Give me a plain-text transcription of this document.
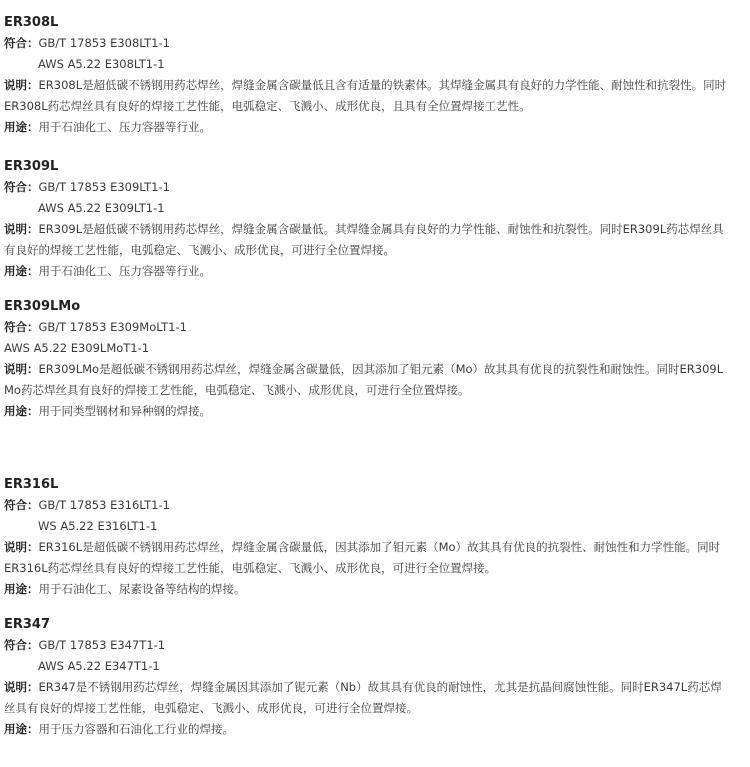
ER308L
符合：GB/T 17853 E308LT1-1
AWS A5.22 E308LT1-1
说明：ER308L是超低碳不锈钢用药芯焊丝，焊缝金属含碳量低且含有适量的铁素体。其焊缝金属具有良好的力学性能、耐蚀性和抗裂性。同时
ER308L药芯焊丝具有良好的焊接工艺性能，电弧稳定、飞溅小、成形优良，且具有全位置焊接工艺性。
用途：用于石油化工、压力容器等行业。
ER309L
符合：GB/T 17853 E309LT1-1
AWS A5.22 E309LT1-1
说明：ER309L是超低碳不锈钢用药芯焊丝，焊缝金属含碳量低。其焊缝金属具有良好的力学性能、耐蚀性和抗裂性。同时ER309L药芯焊丝具
有良好的焊接工艺性能，电弧稳定、飞溅小、成形优良，可进行全位置焊接。
用途：用于石油化工、压力容器等行业。
ER309LMo
符合：GB/T 17853 E309MoLT1-1
AWS A5.22 E309LMoT1-1
说明：ER309LMo是超低碳不锈钢用药芯焊丝，焊缝金属含碳量低，因其添加了钼元素（Mo）故其具有优良的抗裂性和耐蚀性。同时ER309L
Mo药芯焊丝具有良好的焊接工艺性能，电弧稳定、飞溅小、成形优良，可进行全位置焊接。
用途：用于同类型钢材和异种钢的焊接。
ER316L
符合：GB/T 17853 E316LT1-1
WS A5.22 E316LT1-1
说明：ER316L是超低碳不锈钢用药芯焊丝，焊缝金属含碳量低，因其添加了钼元素（Mo）故其具有优良的抗裂性、耐蚀性和力学性能。同时
ER316L药芯焊丝具有良好的焊接工艺性能，电弧稳定、飞溅小、成形优良，可进行全位置焊接。
用途：用于石油化工、尿素设备等结构的焊接。
ER347
符合：GB/T 17853 E347T1-1
AWS A5.22 E347T1-1
说明：ER347是不锈钢用药芯焊丝，焊缝金属因其添加了铌元素（Nb）故其具有优良的耐蚀性，尤其是抗晶间腐蚀性能。同时ER347L药芯焊
丝具有良好的焊接工艺性能，电弧稳定、飞溅小、成形优良，可进行全位置焊接。
用途：用于压力容器和石油化工行业的焊接。
